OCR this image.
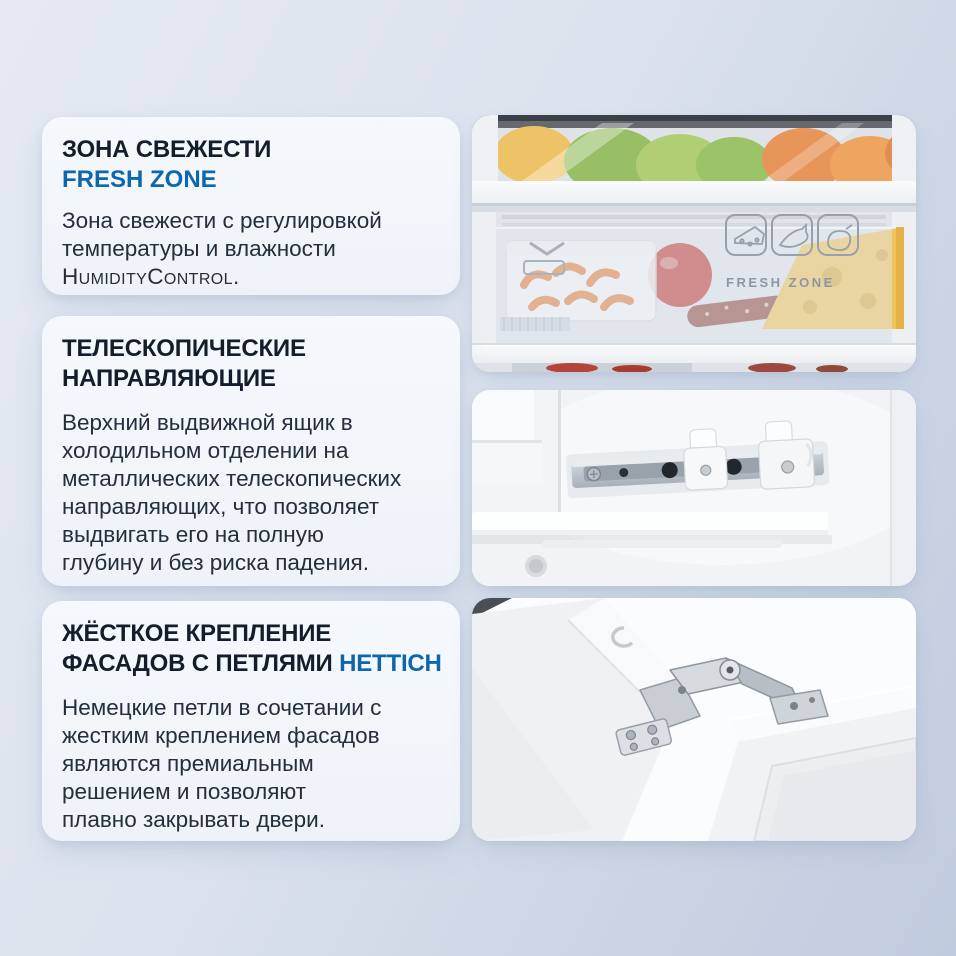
ЗОНА СВЕЖЕСТИ
FRESH ZONE

Зона свежести с регулировкой
температуры и влажности
HumidityControl.	FRESH ZONE
ТЕЛЕСКОПИЧЕСКИЕ
НАПРАВЛЯЮЩИЕ

Верхний выдвижной ящик в
холодильном отделении на
металлических телескопических
направляющих, что позволяет
выдвигать его на полную
глубину и без риска падения.

ЖЁСТКОЕ КРЕПЛЕНИЕ
ФАСАДОВ С ПЕТЛЯМИ HETTICH

Немецкие петли в сочетании с
жестким креплением фасадов
являются премиальным
решением и позволяют
плавно закрывать двери.
